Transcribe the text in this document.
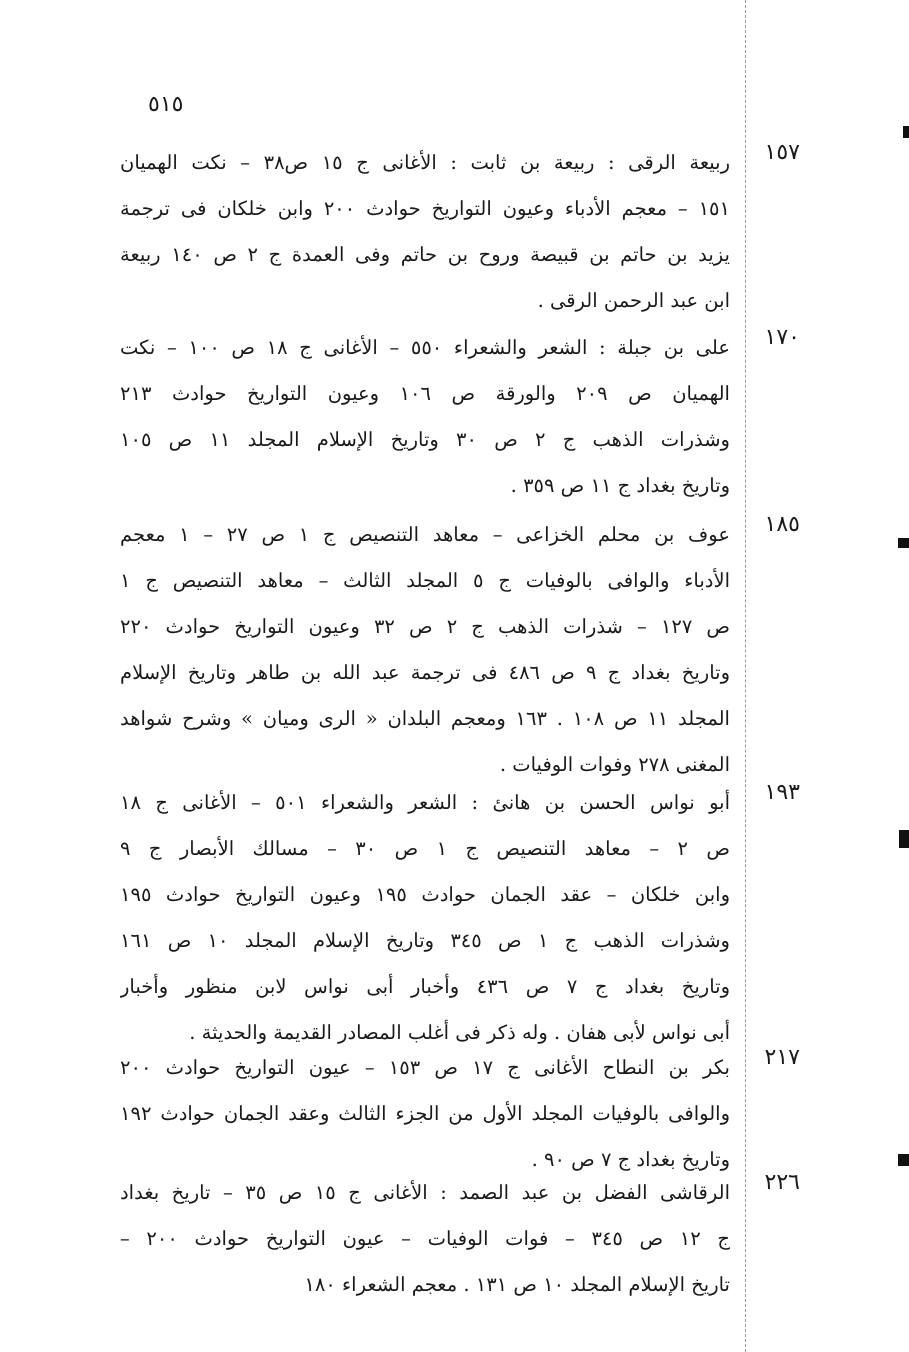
٥١٥
١٥٧
ربيعة الرقى : ربيعة بن ثابت : الأغانى ج ١٥ ص٣٨ – نكت الهميان
١٥١ – معجم الأدباء وعيون التواريخ حوادث ٢٠٠ وابن خلكان فى ترجمة
يزيد بن حاتم بن قبيصة وروح بن حاتم وفى العمدة ج ٢ ص ١٤٠ ربيعة
ابن عبد الرحمن الرقى .
١٧٠
على بن جبلة : الشعر والشعراء ٥٥٠ – الأغانى ج ١٨ ص ١٠٠ – نكت
الهميان ص ٢٠٩ والورقة ص ١٠٦ وعيون التواريخ حوادث ٢١٣
وشذرات الذهب ج ٢ ص ٣٠ وتاريخ الإسلام المجلد ١١ ص ١٠٥
وتاريخ بغداد ج ١١ ص ٣٥٩ .
١٨٥
عوف بن محلم الخزاعى – معاهد التنصيص ج ١ ص ٢٧ – ١ معجم
الأدباء والوافى بالوفيات ج ٥ المجلد الثالث – معاهد التنصيص ج ١
ص ١٢٧ – شذرات الذهب ج ٢ ص ٣٢ وعيون التواريخ حوادث ٢٢٠
وتاريخ بغداد ج ٩ ص ٤٨٦ فى ترجمة عبد الله بن طاهر وتاريخ الإسلام
المجلد ١١ ص ١٠٨ . ١٦٣ ومعجم البلدان « الرى وميان » وشرح شواهد
المغنى ٢٧٨ وفوات الوفيات .
١٩٣
أبو نواس الحسن بن هانئ : الشعر والشعراء ٥٠١ – الأغانى ج ١٨
ص ٢ – معاهد التنصيص ج ١ ص ٣٠ – مسالك الأبصار ج ٩
وابن خلكان – عقد الجمان حوادث ١٩٥ وعيون التواريخ حوادث ١٩٥
وشذرات الذهب ج ١ ص ٣٤٥ وتاريخ الإسلام المجلد ١٠ ص ١٦١
وتاريخ بغداد ج ٧ ص ٤٣٦ وأخبار أبى نواس لابن منظور وأخبار
أبى نواس لأبى هفان . وله ذكر فى أغلب المصادر القديمة والحديثة .
٢١٧
بكر بن النطاح الأغانى ج ١٧ ص ١٥٣ – عيون التواريخ حوادث ٢٠٠
والوافى بالوفيات المجلد الأول من الجزء الثالث وعقد الجمان حوادث ١٩٢
وتاريخ بغداد ج ٧ ص ٩٠ .
٢٢٦
الرقاشى الفضل بن عبد الصمد : الأغانى ج ١٥ ص ٣٥ – تاريخ بغداد
ج ١٢ ص ٣٤٥ – فوات الوفيات – عيون التواريخ حوادث ٢٠٠ –
تاريخ الإسلام المجلد ١٠ ص ١٣١ . معجم الشعراء ١٨٠
